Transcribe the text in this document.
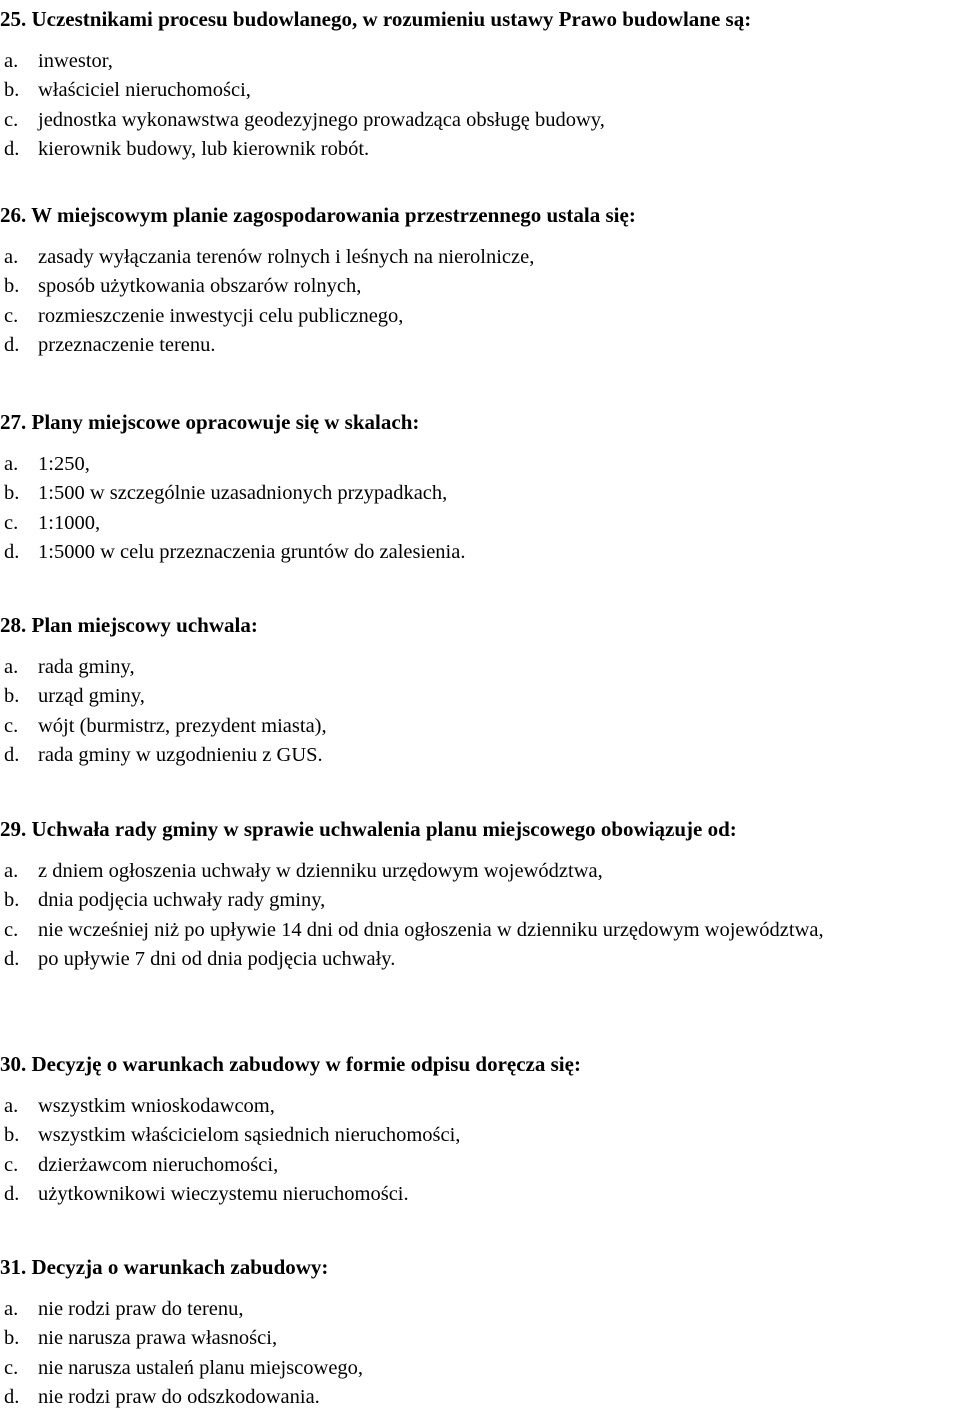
25. Uczestnikami procesu budowlanego, w rozumieniu ustawy Prawo budowlane są:
a. inwestor,
b. właściciel nieruchomości,
c. jednostka wykonawstwa geodezyjnego prowadząca obsługę budowy,
d. kierownik budowy, lub kierownik robót.
26. W miejscowym planie zagospodarowania przestrzennego ustala się:
a. zasady wyłączania terenów rolnych i leśnych na nierolnicze,
b. sposób użytkowania obszarów rolnych,
c. rozmieszczenie inwestycji celu publicznego,
d. przeznaczenie terenu.
27. Plany miejscowe opracowuje się w skalach:
a. 1:250,
b. 1:500 w szczególnie uzasadnionych przypadkach,
c. 1:1000,
d. 1:5000 w celu przeznaczenia gruntów do zalesienia.
28. Plan miejscowy uchwala:
a. rada gminy,
b. urząd gminy,
c. wójt (burmistrz, prezydent miasta),
d. rada gminy w uzgodnieniu z GUS.
29. Uchwała rady gminy w sprawie uchwalenia planu miejscowego obowiązuje od:
a. z dniem ogłoszenia uchwały w dzienniku urzędowym województwa,
b. dnia podjęcia uchwały rady gminy,
c. nie wcześniej niż po upływie 14 dni od dnia ogłoszenia w dzienniku urzędowym województwa,
d. po upływie 7 dni od dnia podjęcia uchwały.
30. Decyzję o warunkach zabudowy w formie odpisu doręcza się:
a. wszystkim wnioskodawcom,
b. wszystkim właścicielom sąsiednich nieruchomości,
c. dzierżawcom nieruchomości,
d. użytkownikowi wieczystemu nieruchomości.
31. Decyzja o warunkach zabudowy:
a. nie rodzi praw do terenu,
b. nie narusza prawa własności,
c. nie narusza ustaleń planu miejscowego,
d. nie rodzi praw do odszkodowania.
